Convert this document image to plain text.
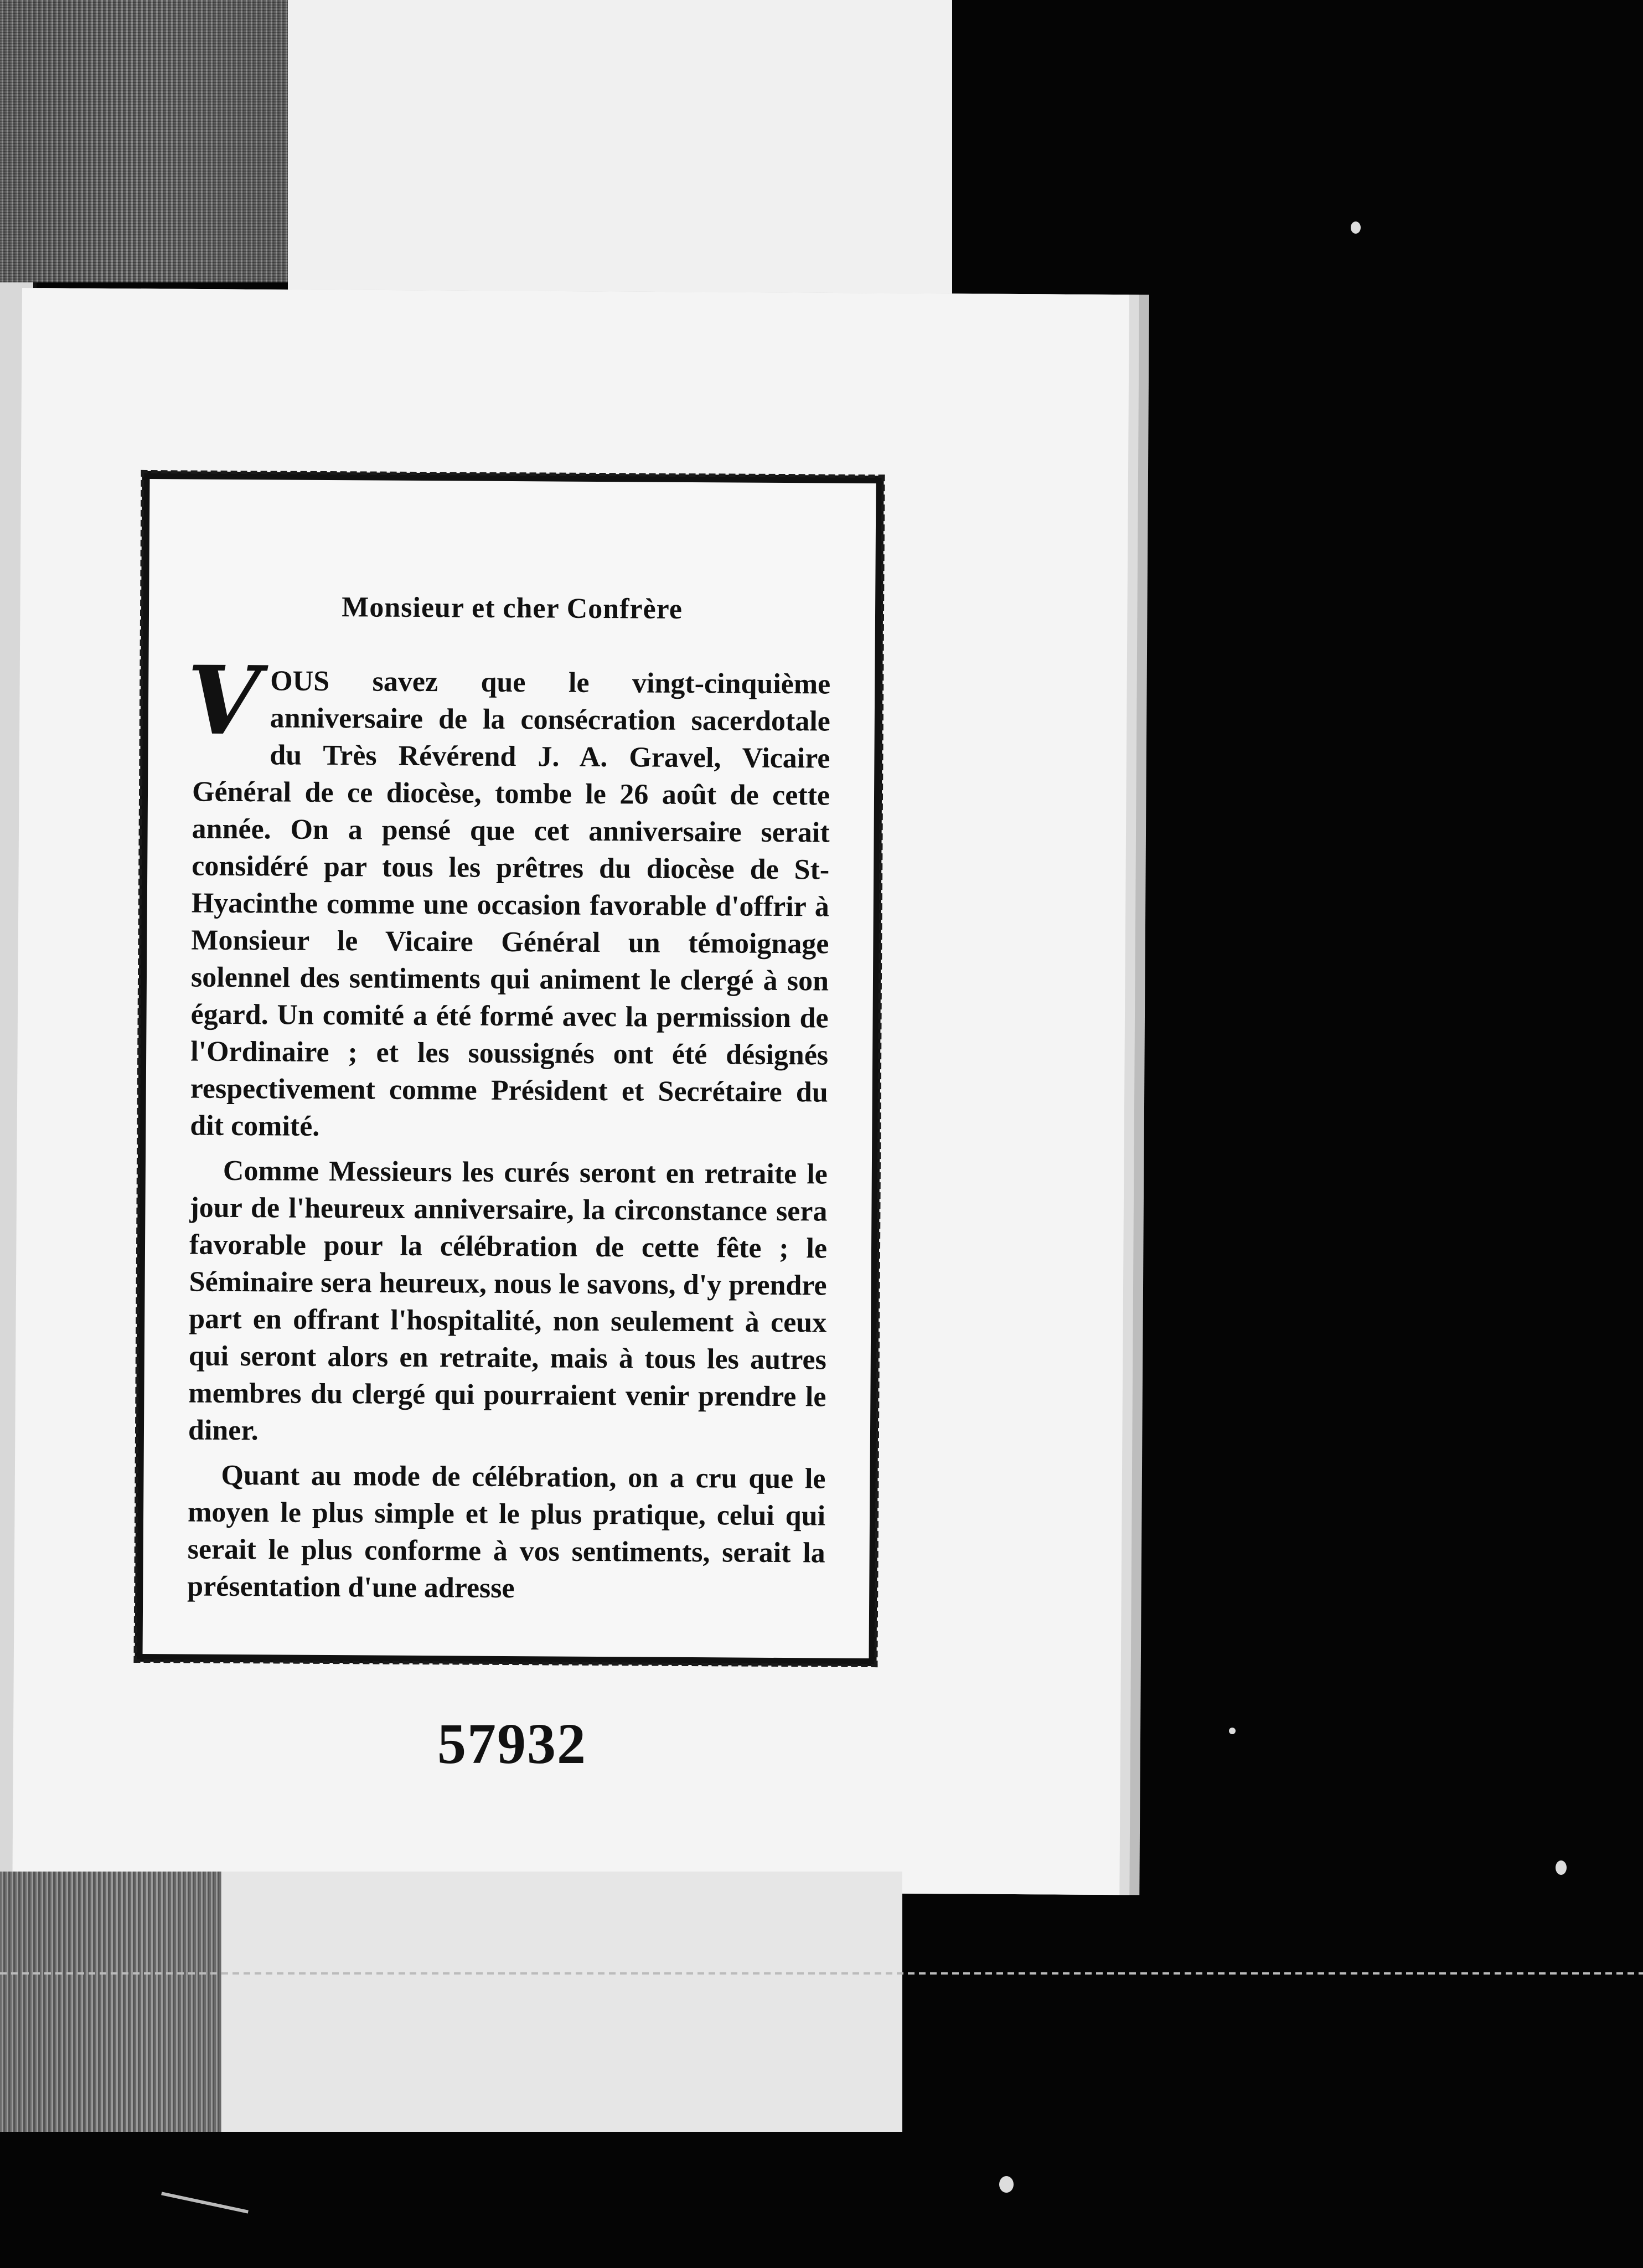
Monsieur et cher Confrère

VOUS savez que le vingt-cinquième anniversaire de la consécration sacerdotale du Très Révérend J. A. Gravel, Vicaire Général de ce diocèse, tombe le 26 août de cette année. On a pensé que cet anniversaire serait considéré par tous les prêtres du diocèse de St-Hyacinthe comme une occasion favorable d'offrir à Monsieur le Vicaire Général un témoignage solennel des sentiments qui animent le clergé à son égard. Un comité a été formé avec la permission de l'Ordinaire ; et les soussignés ont été désignés respectivement comme Président et Secrétaire du dit comité.

Comme Messieurs les curés seront en retraite le jour de l'heureux anniversaire, la circonstance sera favorable pour la célébration de cette fête ; le Séminaire sera heureux, nous le savons, d'y prendre part en offrant l'hospitalité, non seulement à ceux qui seront alors en retraite, mais à tous les autres membres du clergé qui pourraient venir prendre le diner.

Quant au mode de célébration, on a cru que le moyen le plus simple et le plus pratique, celui qui serait le plus conforme à vos sentiments, serait la présentation d'une adresse

57932
